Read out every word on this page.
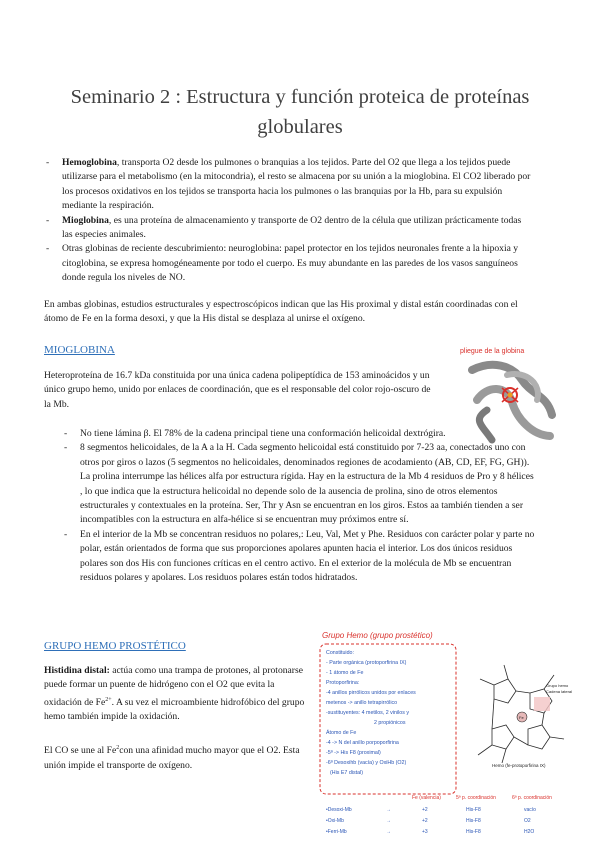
Seminario 2 : Estructura y función proteica de proteínas globulares
- Hemoglobina, transporta O2 desde los pulmones o branquias a los tejidos. Parte del O2 que llega a los tejidos puede utilizarse para el metabolismo (en la mitocondria), el resto se almacena por su unión a la mioglobina. El CO2 liberado por los procesos oxidativos en los tejidos se transporta hacia los pulmones o las branquias por la Hb, para su expulsión mediante la respiración.
- Mioglobina, es una proteína de almacenamiento y transporte de O2 dentro de la célula que utilizan prácticamente todas las especies animales.
- Otras globinas de reciente descubrimiento: neuroglobina: papel protector en los tejidos neuronales frente a la hipoxia y citoglobina, se expresa homogéneamente por todo el cuerpo. Es muy abundante en las paredes de los vasos sanguíneos donde regula los niveles de NO.

En ambas globinas, estudios estructurales y espectroscópicos indican que las His proximal y distal están coordinadas con el átomo de Fe en la forma desoxi, y que la His distal se desplaza al unirse el oxígeno.

MIOGLOBINA

Heteroproteína de 16.7 kDa constituida por una única cadena polipeptídica de 153 aminoácidos y un único grupo hemo, unido por enlaces de coordinación, que es el responsable del color rojo-oscuro de la Mb.

- No tiene lámina β. El 78% de la cadena principal tiene una conformación helicoidal dextrógira.
- 8 segmentos helicoidales, de la A a la H. Cada segmento helicoidal está constituido por 7-23 aa, conectados uno con otros por giros o lazos (5 segmentos no helicoidales, denominados regiones de acodamiento (AB, CD, EF, FG, GH)). La prolina interrumpe las hélices alfa por estructura rígida. Hay en la estructura de la Mb 4 residuos de Pro y 8 hélices , lo que indica que la estructura helicoidal no depende solo de la ausencia de prolina, sino de otros elementos estructurales y contextuales en la proteína. Ser, Thr y Asn se encuentran en los giros. Estos aa también tienden a ser incompatibles con la estructura en alfa-hélice si se encuentran muy próximos entre sí.
- En el interior de la Mb se concentran residuos no polares,: Leu, Val, Met y Phe. Residuos con carácter polar y parte no polar, están orientados de forma que sus proporciones apolares apunten hacia el interior. Los dos únicos residuos polares son dos His con funciones críticas en el centro activo. En el exterior de la molécula de Mb se encuentran residuos polares y apolares. Los residuos polares están todos hidratados.
pliegue de la globina

GRUPO HEMO PROSTÉTICO

Histidina distal: actúa como una trampa de protones, al protonarse puede formar un puente de hidrógeno con el O2 que evita la oxidación de $Fe^{2+}$. A su vez el microambiente hidrofóbico del grupo hemo también impide la oxidación.

El CO se une al Fe$^2$con una afinidad mucho mayor que el O2. Esta unión impide el transporte de oxígeno.

Grupo Hemo (grupo prostético)
Constituido:
- Parte orgánica (protoporfirina IX)
- 1 átomo de Fe
Protoporfirina:
-4 anillos pirrólicos unidos por enlaces
metenos -> anillo tetrapirrólico
-sustituyentes: 4 metilos, 2 vinilos y
2 propiónicos
Átomo de Fe
-4 -> N del anillo porpoporfirina
-5ª -> His F8 (proximal)
-6ª Desoxihb (vacía) y OxiHb (O2)
(His E7 distal)
Fe
Grupo hemo
Cadena lateral
Hemo (fe-protoporfirina IX)
Fe (valencia)	5ª p. coordinación	6ª p. coordinación
•Desoxi-Mb	→	+2	His-F8	vacío
•Oxi-Mb	→	+2	His-F8	O2
•Ferri-Mb	→	+3	His-F8	H2O
